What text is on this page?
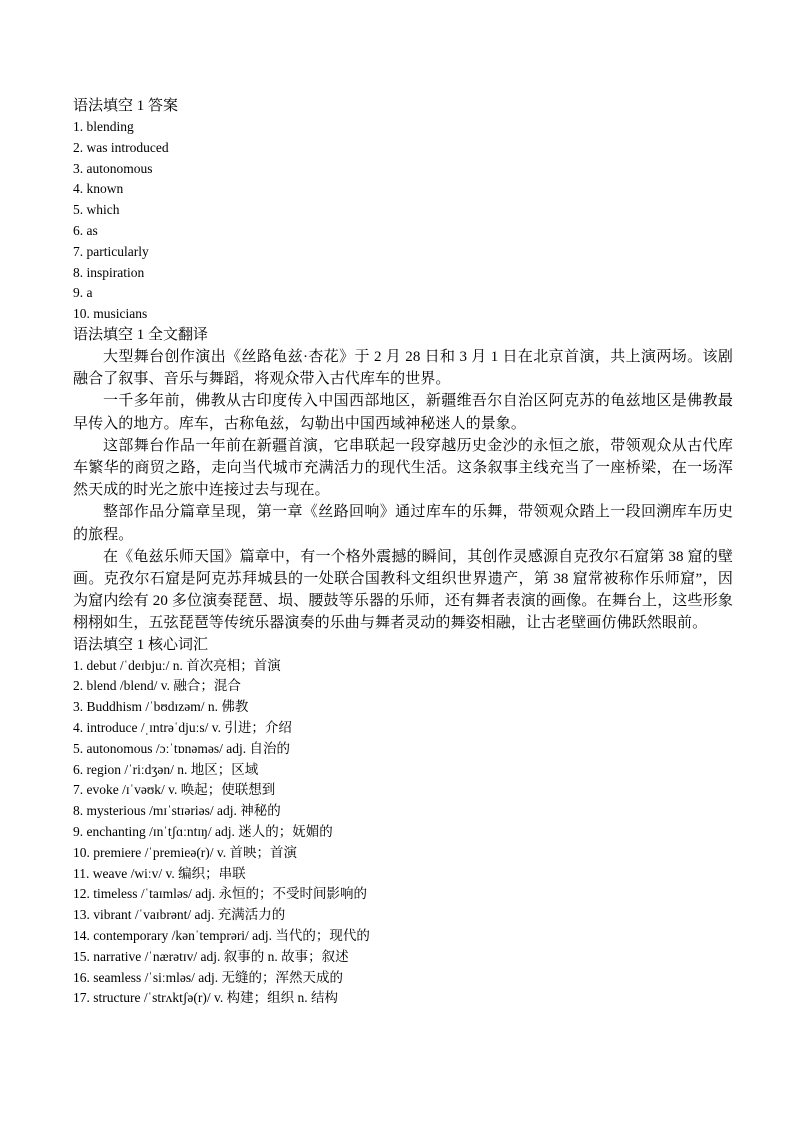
语法填空 1 答案
1. blending
2. was introduced
3. autonomous
4. known
5. which
6. as
7. particularly
8. inspiration
9. a
10. musicians
语法填空 1 全文翻译

大型舞台创作演出《丝路龟兹·杏花》于 2 月 28 日和 3 月 1 日在北京首演，共上演两场。该剧融合了叙事、音乐与舞蹈，将观众带入古代库车的世界。

一千多年前，佛教从古印度传入中国西部地区，新疆维吾尔自治区阿克苏的龟兹地区是佛教最早传入的地方。库车，古称龟兹，勾勒出中国西域神秘迷人的景象。

这部舞台作品一年前在新疆首演，它串联起一段穿越历史金沙的永恒之旅，带领观众从古代库车繁华的商贸之路，走向当代城市充满活力的现代生活。这条叙事主线充当了一座桥梁，在一场浑然天成的时光之旅中连接过去与现在。

整部作品分篇章呈现，第一章《丝路回响》通过库车的乐舞，带领观众踏上一段回溯库车历史的旅程。

在《龟兹乐师天国》篇章中，有一个格外震撼的瞬间，其创作灵感源自克孜尔石窟第 38 窟的壁画。克孜尔石窟是阿克苏拜城县的一处联合国教科文组织世界遗产，第 38 窟常被称作乐师窟”，因为窟内绘有 20 多位演奏琵琶、埙、腰鼓等乐器的乐师，还有舞者表演的画像。在舞台上，这些形象栩栩如生，五弦琵琶等传统乐器演奏的乐曲与舞者灵动的舞姿相融，让古老壁画仿佛跃然眼前。

语法填空 1 核心词汇
1. debut /ˈdeɪbjuː/ n. 首次亮相；首演
2. blend /blend/ v. 融合；混合
3. Buddhism /ˈbʊdɪzəm/ n. 佛教
4. introduce /ˌɪntrəˈdjuːs/ v. 引进；介绍
5. autonomous /ɔːˈtɒnəməs/ adj. 自治的
6. region /ˈriːdʒən/ n. 地区；区域
7. evoke /ɪˈvəʊk/ v. 唤起；使联想到
8. mysterious /mɪˈstɪəriəs/ adj. 神秘的
9. enchanting /ɪnˈtʃɑːntɪŋ/ adj. 迷人的；妩媚的
10. premiere /ˈpremieə(r)/ v. 首映；首演
11. weave /wiːv/ v. 编织；串联
12. timeless /ˈtaɪmləs/ adj. 永恒的；不受时间影响的
13. vibrant /ˈvaɪbrənt/ adj. 充满活力的
14. contemporary /kənˈtemprəri/ adj. 当代的；现代的
15. narrative /ˈnærətɪv/ adj. 叙事的 n. 故事；叙述
16. seamless /ˈsiːmləs/ adj. 无缝的；浑然天成的
17. structure /ˈstrʌktʃə(r)/ v. 构建；组织 n. 结构
